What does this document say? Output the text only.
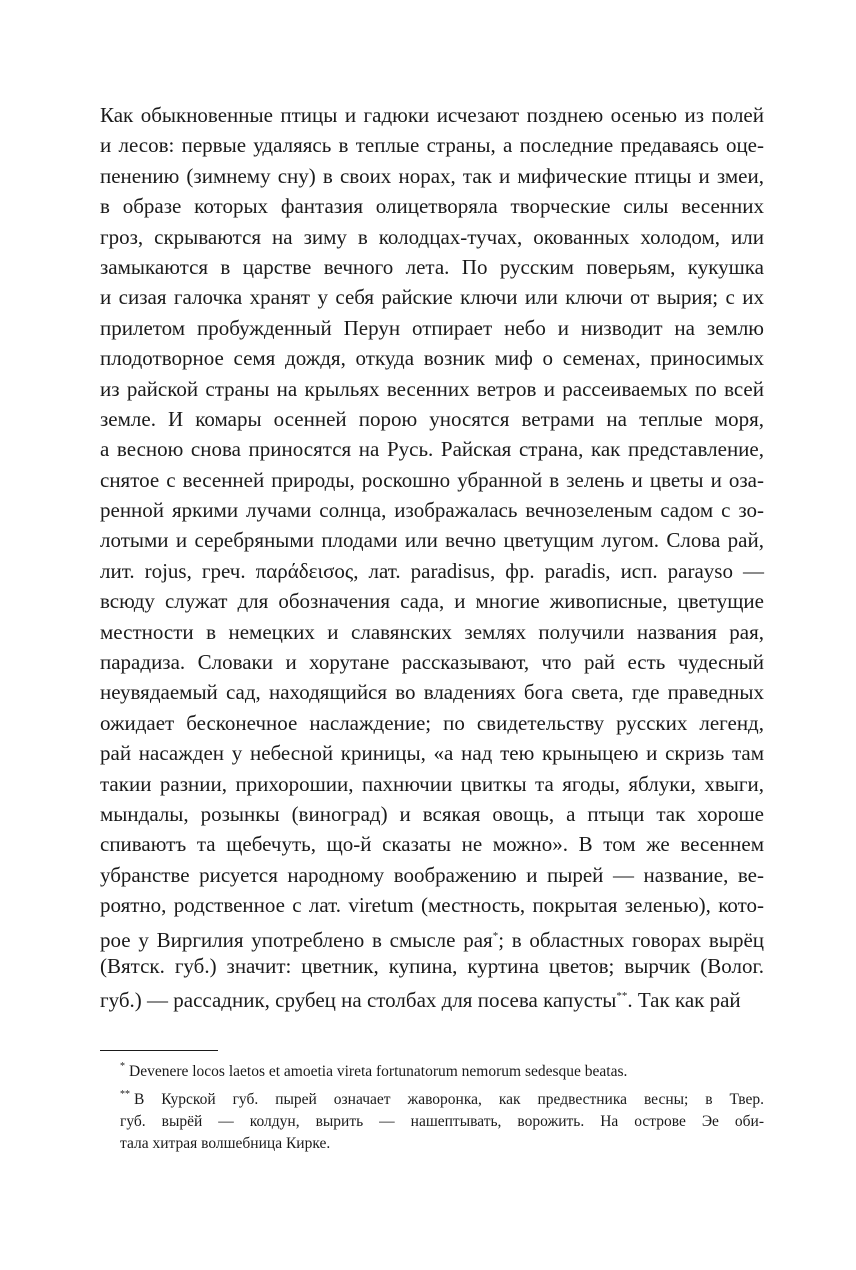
Как обыкновенные птицы и гадюки исчезают позднею осенью из полей
и лесов: первые удаляясь в теплые страны, а последние предаваясь оце-
пенению (зимнему сну) в своих норах, так и мифические птицы и змеи,
в образе которых фантазия олицетворяла творческие силы весенних
гроз, скрываются на зиму в колодцах-тучах, окованных холодом, или
замыкаются в царстве вечного лета. По русским поверьям, кукушка
и сизая галочка хранят у себя райские ключи или ключи от вырия; с их
прилетом пробужденный Перун отпирает небо и низводит на землю
плодотворное семя дождя, откуда возник миф о семенах, приносимых
из райской страны на крыльях весенних ветров и рассеиваемых по всей
земле. И комары осенней порою уносятся ветрами на теплые моря,
а весною снова приносятся на Русь. Райская страна, как представление,
снятое с весенней природы, роскошно убранной в зелень и цветы и оза-
ренной яркими лучами солнца, изображалась вечнозеленым садом с зо-
лотыми и серебряными плодами или вечно цветущим лугом. Слова рай,
лит. rojus, греч. παράδεισος, лат. paradisus, фр. paradis, исп. parayso —
всюду служат для обозначения сада, и многие живописные, цветущие
местности в немецких и славянских землях получили названия рая,
парадиза. Словаки и хорутане рассказывают, что рай есть чудесный
неувядаемый сад, находящийся во владениях бога света, где праведных
ожидает бесконечное наслаждение; по свидетельству русских легенд,
рай насажден у небесной криницы, «а над тею крыныцею и скризь там
такии разнии, прихорошии, пахнючии цвиткы та ягоды, яблуки, хвыги,
мындалы, розынкы (виноград) и всякая овощь, а птыци так хороше
спиваютъ та щебечуть, що-й сказаты не можно». В том же весеннем
убранстве рисуется народному воображению и пырей — название, ве-
роятно, родственное с лат. viretum (местность, покрытая зеленью), кото-
рое у Виргилия употреблено в смысле рая*; в областных говорах вырёц
(Вятск. губ.) значит: цветник, купина, куртина цветов; вырчик (Волог.
губ.) — рассадник, срубец на столбах для посева капусты**. Так как рай
* Devenere locos laetos et amoetia vireta fortunatorum nemorum sedesque beatas.
** В Курской губ. пырей означает жаворонка, как предвестника весны; в Твер.
губ. вырёй — колдун, вырить — нашептывать, ворожить. На острове Эе оби-
тала хитрая волшебница Кирке.
